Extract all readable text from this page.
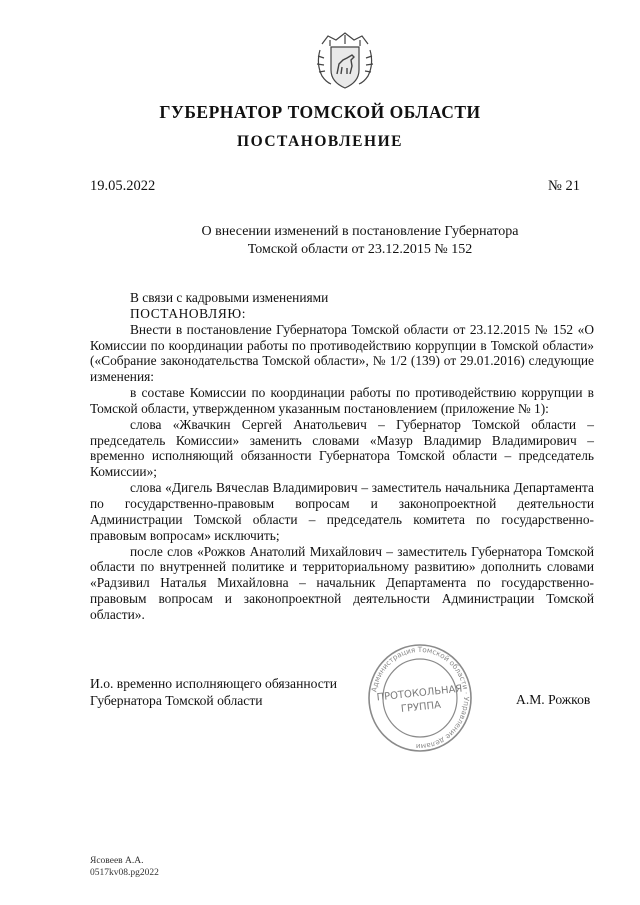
ГУБЕРНАТОР ТОМСКОЙ ОБЛАСТИ
ПОСТАНОВЛЕНИЕ
19.05.2022	№ 21
О внесении изменений в постановление Губернатора
Томской области от 23.12.2015 № 152

В связи с кадровыми изменениями

ПОСТАНОВЛЯЮ:

Внести в постановление Губернатора Томской области от 23.12.2015 № 152 «О Комиссии по координации работы по противодействию коррупции в Томской области» («Собрание законодательства Томской области», № 1/2 (139) от 29.01.2016) следующие изменения:

в составе Комиссии по координации работы по противодействию коррупции в Томской области, утвержденном указанным постановлением (приложение № 1):

слова «Жвачкин Сергей Анатольевич – Губернатор Томской области – председатель Комиссии» заменить словами «Мазур Владимир Владимирович – временно исполняющий обязанности Губернатора Томской области – председатель Комиссии»;

слова «Дигель Вячеслав Владимирович – заместитель начальника Департамента по государственно-правовым вопросам и законопроектной деятельности Администрации Томской области – председатель комитета по государственно-правовым вопросам» исключить;

после слов «Рожков Анатолий Михайлович – заместитель Губернатора Томской области по внутренней политике и территориальному развитию» дополнить словами «Радзивил Наталья Михайловна – начальник Департамента по государственно-правовым вопросам и законопроектной деятельности Администрации Томской области».

И.о. временно исполняющего обязанности
Губернатора Томской области
Администрация Томской области · Управление делами
ПРОТОКОЛЬНАЯ
ГРУППА
А.М. Рожков
Ясовеев А.А.
0517kv08.pg2022
